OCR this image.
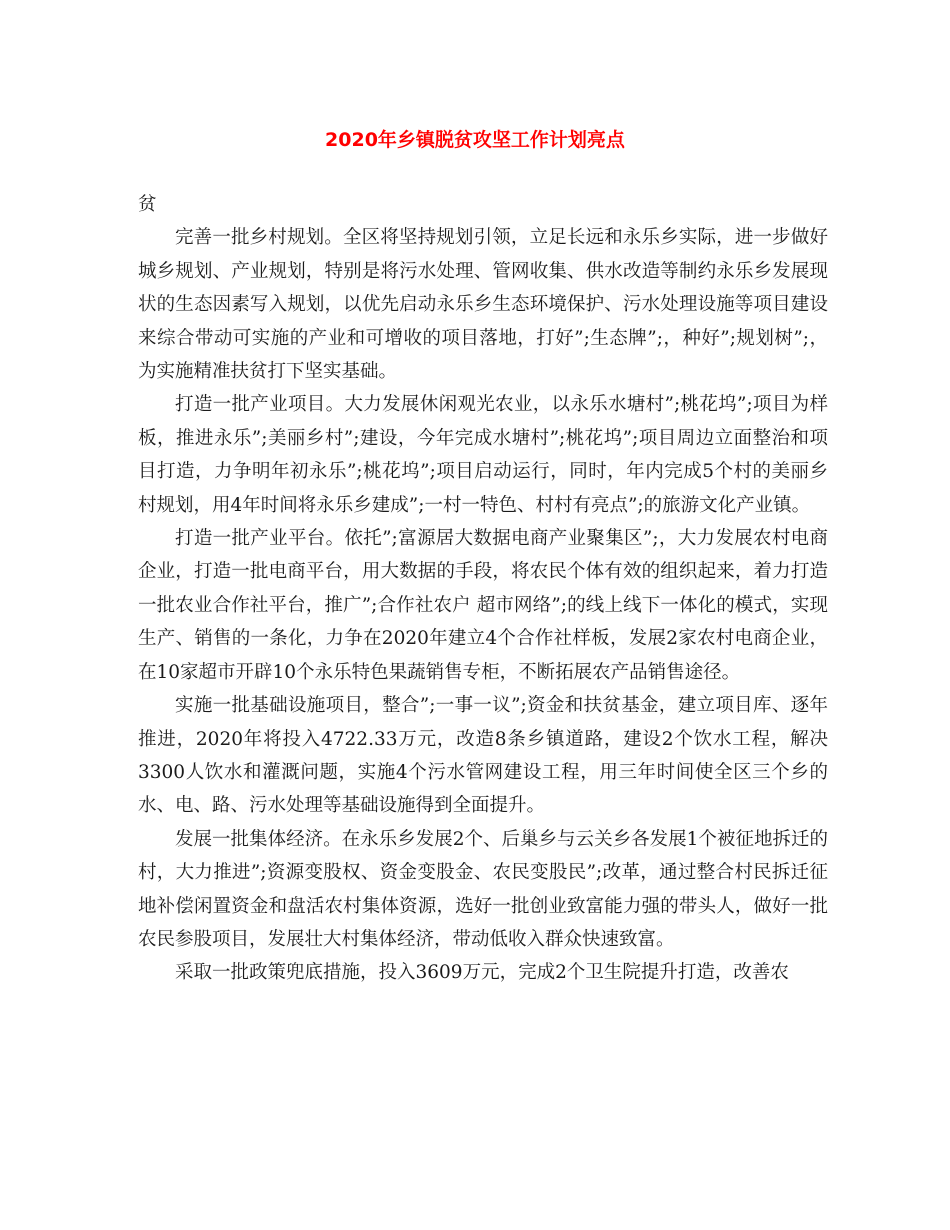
2020年乡镇脱贫攻坚工作计划亮点

贫

完善一批乡村规划。全区将坚持规划引领，立足长远和永乐乡实际，进一步做好城乡规划、产业规划，特别是将污水处理、管网收集、供水改造等制约永乐乡发展现状的生态因素写入规划，以优先启动永乐乡生态环境保护、污水处理设施等项目建设来综合带动可实施的产业和可增收的项目落地，打好”;生态牌”;，种好”;规划树”;，为实施精准扶贫打下坚实基础。

打造一批产业项目。大力发展休闲观光农业，以永乐水塘村”;桃花坞”;项目为样板，推进永乐”;美丽乡村”;建设，今年完成水塘村”;桃花坞”;项目周边立面整治和项目打造，力争明年初永乐”;桃花坞”;项目启动运行，同时，年内完成5个村的美丽乡村规划，用4年时间将永乐乡建成”;一村一特色、村村有亮点”;的旅游文化产业镇。

打造一批产业平台。依托”;富源居大数据电商产业聚集区”;，大力发展农村电商企业，打造一批电商平台，用大数据的手段，将农民个体有效的组织起来，着力打造一批农业合作社平台，推广”;合作社农户 超市网络”;的线上线下一体化的模式，实现生产、销售的一条化，力争在2020年建立4个合作社样板，发展2家农村电商企业，在10家超市开辟10个永乐特色果蔬销售专柜，不断拓展农产品销售途径。

实施一批基础设施项目，整合”;一事一议”;资金和扶贫基金，建立项目库、逐年推进，2020年将投入4722.33万元，改造8条乡镇道路，建设2个饮水工程，解决3300人饮水和灌溉问题，实施4个污水管网建设工程，用三年时间使全区三个乡的水、电、路、污水处理等基础设施得到全面提升。

发展一批集体经济。在永乐乡发展2个、后巢乡与云关乡各发展1个被征地拆迁的村，大力推进”;资源变股权、资金变股金、农民变股民”;改革，通过整合村民拆迁征地补偿闲置资金和盘活农村集体资源，选好一批创业致富能力强的带头人，做好一批农民参股项目，发展壮大村集体经济，带动低收入群众快速致富。

采取一批政策兜底措施，投入3609万元，完成2个卫生院提升打造，改善农
